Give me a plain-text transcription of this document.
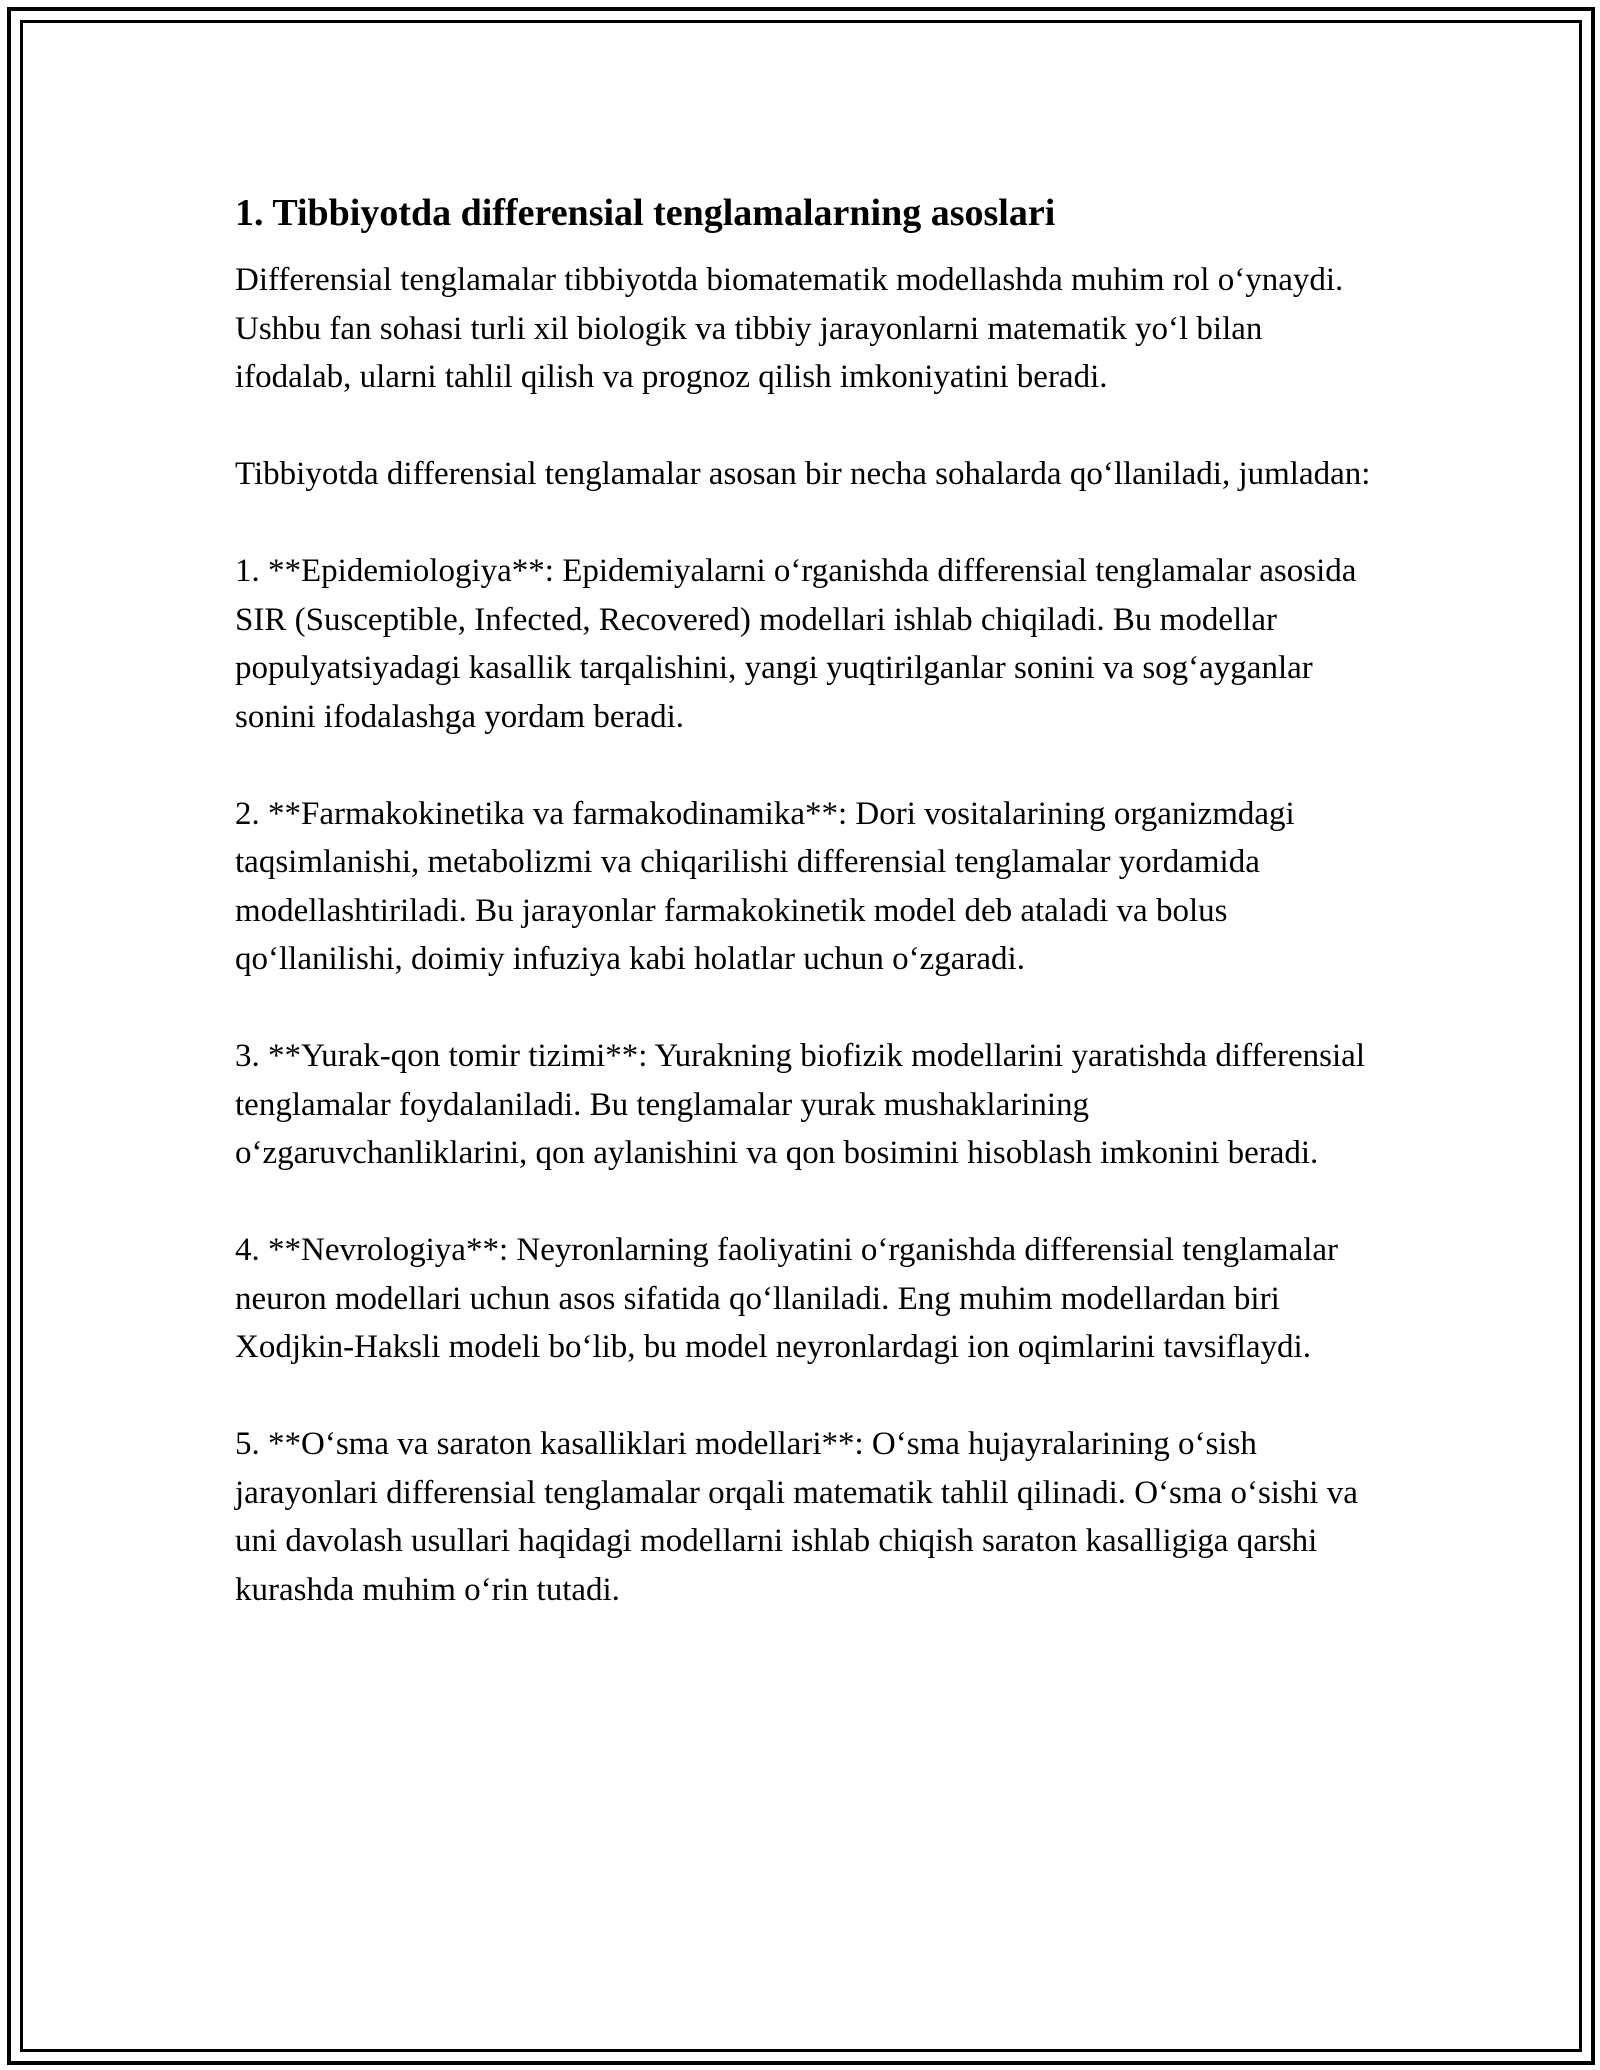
1. Tibbiyotda differensial tenglamalarning asoslari

Differensial tenglamalar tibbiyotda biomatematik modellashda muhim rol o‘ynaydi. Ushbu fan sohasi turli xil biologik va tibbiy jarayonlarni matematik yo‘l bilan ifodalab, ularni tahlil qilish va prognoz qilish imkoniyatini beradi.

Tibbiyotda differensial tenglamalar asosan bir necha sohalarda qo‘llaniladi, jumladan:

1. **Epidemiologiya**: Epidemiyalarni o‘rganishda differensial tenglamalar asosida SIR (Susceptible, Infected, Recovered) modellari ishlab chiqiladi. Bu modellar populyatsiyadagi kasallik tarqalishini, yangi yuqtirilganlar sonini va sog‘ayganlar sonini ifodalashga yordam beradi.

2. **Farmakokinetika va farmakodinamika**: Dori vositalarining organizmdagi taqsimlanishi, metabolizmi va chiqarilishi differensial tenglamalar yordamida modellashtiriladi. Bu jarayonlar farmakokinetik model deb ataladi va bolus qo‘llanilishi, doimiy infuziya kabi holatlar uchun o‘zgaradi.

3. **Yurak-qon tomir tizimi**: Yurakning biofizik modellarini yaratishda differensial tenglamalar foydalaniladi. Bu tenglamalar yurak mushaklarining o‘zgaruvchanliklarini, qon aylanishini va qon bosimini hisoblash imkonini beradi.

4. **Nevrologiya**: Neyronlarning faoliyatini o‘rganishda differensial tenglamalar neuron modellari uchun asos sifatida qo‘llaniladi. Eng muhim modellardan biri Xodjkin-Haksli modeli bo‘lib, bu model neyronlardagi ion oqimlarini tavsiflaydi.

5. **O‘sma va saraton kasalliklari modellari**: O‘sma hujayralarining o‘sish jarayonlari differensial tenglamalar orqali matematik tahlil qilinadi. O‘sma o‘sishi va uni davolash usullari haqidagi modellarni ishlab chiqish saraton kasalligiga qarshi kurashda muhim o‘rin tutadi.
